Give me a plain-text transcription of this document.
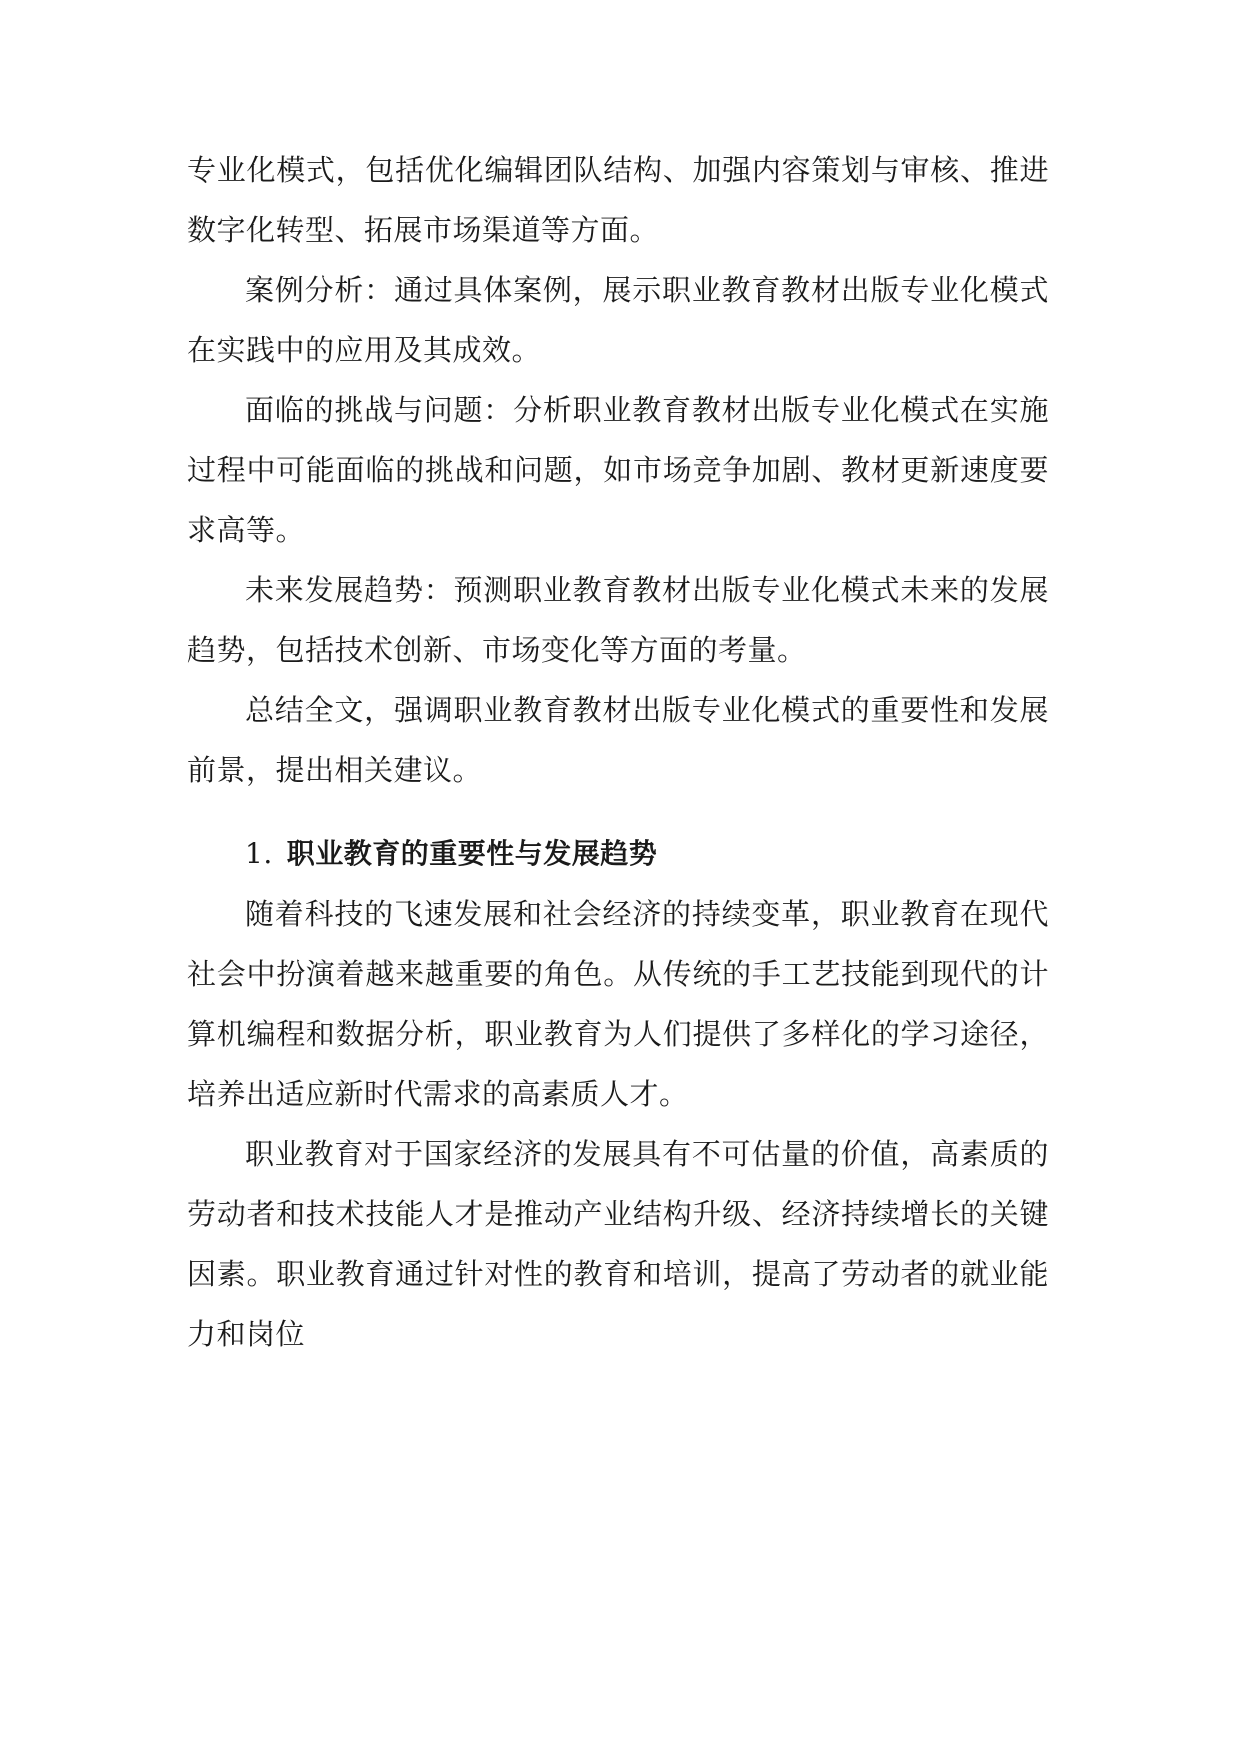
专业化模式，包括优化编辑团队结构、加强内容策划与审核、推进数字化转型、拓展市场渠道等方面。

案例分析：通过具体案例，展示职业教育教材出版专业化模式在实践中的应用及其成效。

面临的挑战与问题：分析职业教育教材出版专业化模式在实施过程中可能面临的挑战和问题，如市场竞争加剧、教材更新速度要求高等。

未来发展趋势：预测职业教育教材出版专业化模式未来的发展趋势，包括技术创新、市场变化等方面的考量。

总结全文，强调职业教育教材出版专业化模式的重要性和发展前景，提出相关建议。

1. 职业教育的重要性与发展趋势

随着科技的飞速发展和社会经济的持续变革，职业教育在现代社会中扮演着越来越重要的角色。从传统的手工艺技能到现代的计算机编程和数据分析，职业教育为人们提供了多样化的学习途径，培养出适应新时代需求的高素质人才。

职业教育对于国家经济的发展具有不可估量的价值，高素质的劳动者和技术技能人才是推动产业结构升级、经济持续增长的关键因素。职业教育通过针对性的教育和培训，提高了劳动者的就业能力和岗位
